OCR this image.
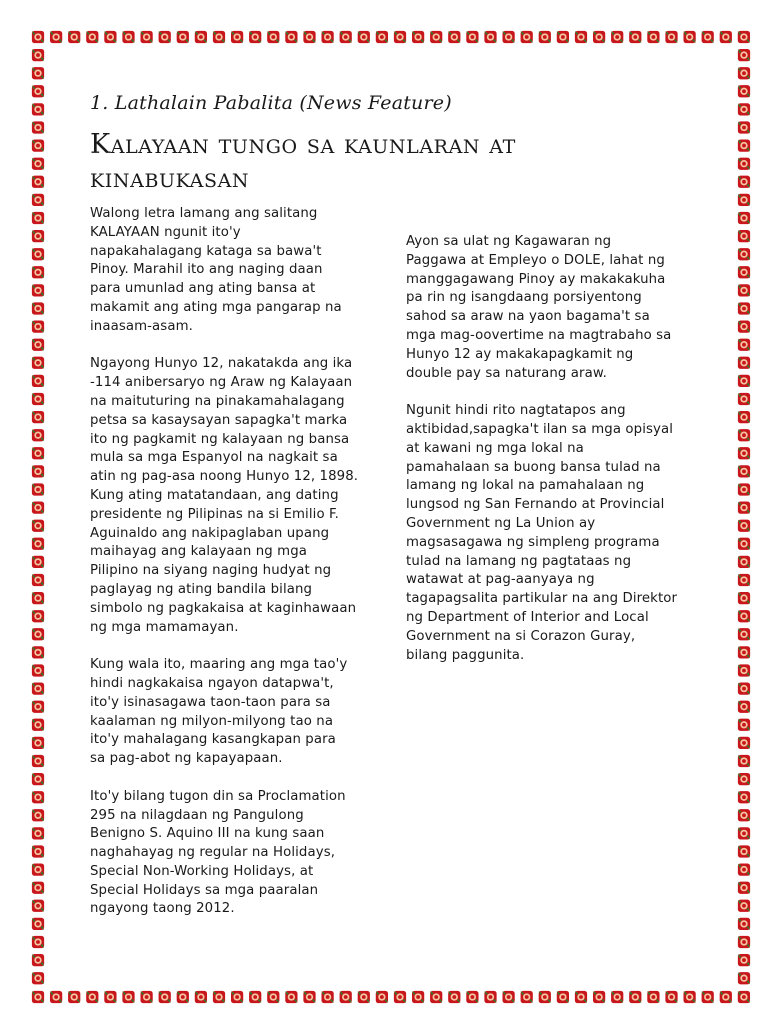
1. Lathalain Pabalita (News Feature)
Kalayaan tungo sa kaunlaran at
kinabukasan

Walong letra lamang ang salitang
KALAYAAN ngunit ito'y
napakahalagang kataga sa bawa't
Pinoy. Marahil ito ang naging daan
para umunlad ang ating bansa at
makamit ang ating mga pangarap na
inaasam-asam.

Ngayong Hunyo 12, nakatakda ang ika
-114 anibersaryo ng Araw ng Kalayaan
na maituturing na pinakamahalagang
petsa sa kasaysayan sapagka't marka
ito ng pagkamit ng kalayaan ng bansa
mula sa mga Espanyol na nagkait sa
atin ng pag-asa noong Hunyo 12, 1898.
Kung ating matatandaan, ang dating
presidente ng Pilipinas na si Emilio F.
Aguinaldo ang nakipaglaban upang
maihayag ang kalayaan ng mga
Pilipino na siyang naging hudyat ng
paglayag ng ating bandila bilang
simbolo ng pagkakaisa at kaginhawaan
ng mga mamamayan.

Kung wala ito, maaring ang mga tao'y
hindi nagkakaisa ngayon datapwa't,
ito'y isinasagawa taon-taon para sa
kaalaman ng milyon-milyong tao na
ito'y mahalagang kasangkapan para
sa pag-abot ng kapayapaan.

Ito'y bilang tugon din sa Proclamation
295 na nilagdaan ng Pangulong
Benigno S. Aquino III na kung saan
naghahayag ng regular na Holidays,
Special Non-Working Holidays, at
Special Holidays sa mga paaralan
ngayong taong 2012.

Ayon sa ulat ng Kagawaran ng
Paggawa at Empleyo o DOLE, lahat ng
manggagawang Pinoy ay makakakuha
pa rin ng isangdaang porsiyentong
sahod sa araw na yaon bagama't sa
mga mag-oovertime na magtrabaho sa
Hunyo 12 ay makakapagkamit ng
double pay sa naturang araw.

Ngunit hindi rito nagtatapos ang
aktibidad,sapagka't ilan sa mga opisyal
at kawani ng mga lokal na
pamahalaan sa buong bansa tulad na
lamang ng lokal na pamahalaan ng
lungsod ng San Fernando at Provincial
Government ng La Union ay
magsasagawa ng simpleng programa
tulad na lamang ng pagtataas ng
watawat at pag-aanyaya ng
tagapagsalita partikular na ang Direktor
ng Department of Interior and Local
Government na si Corazon Guray,
bilang paggunita.
